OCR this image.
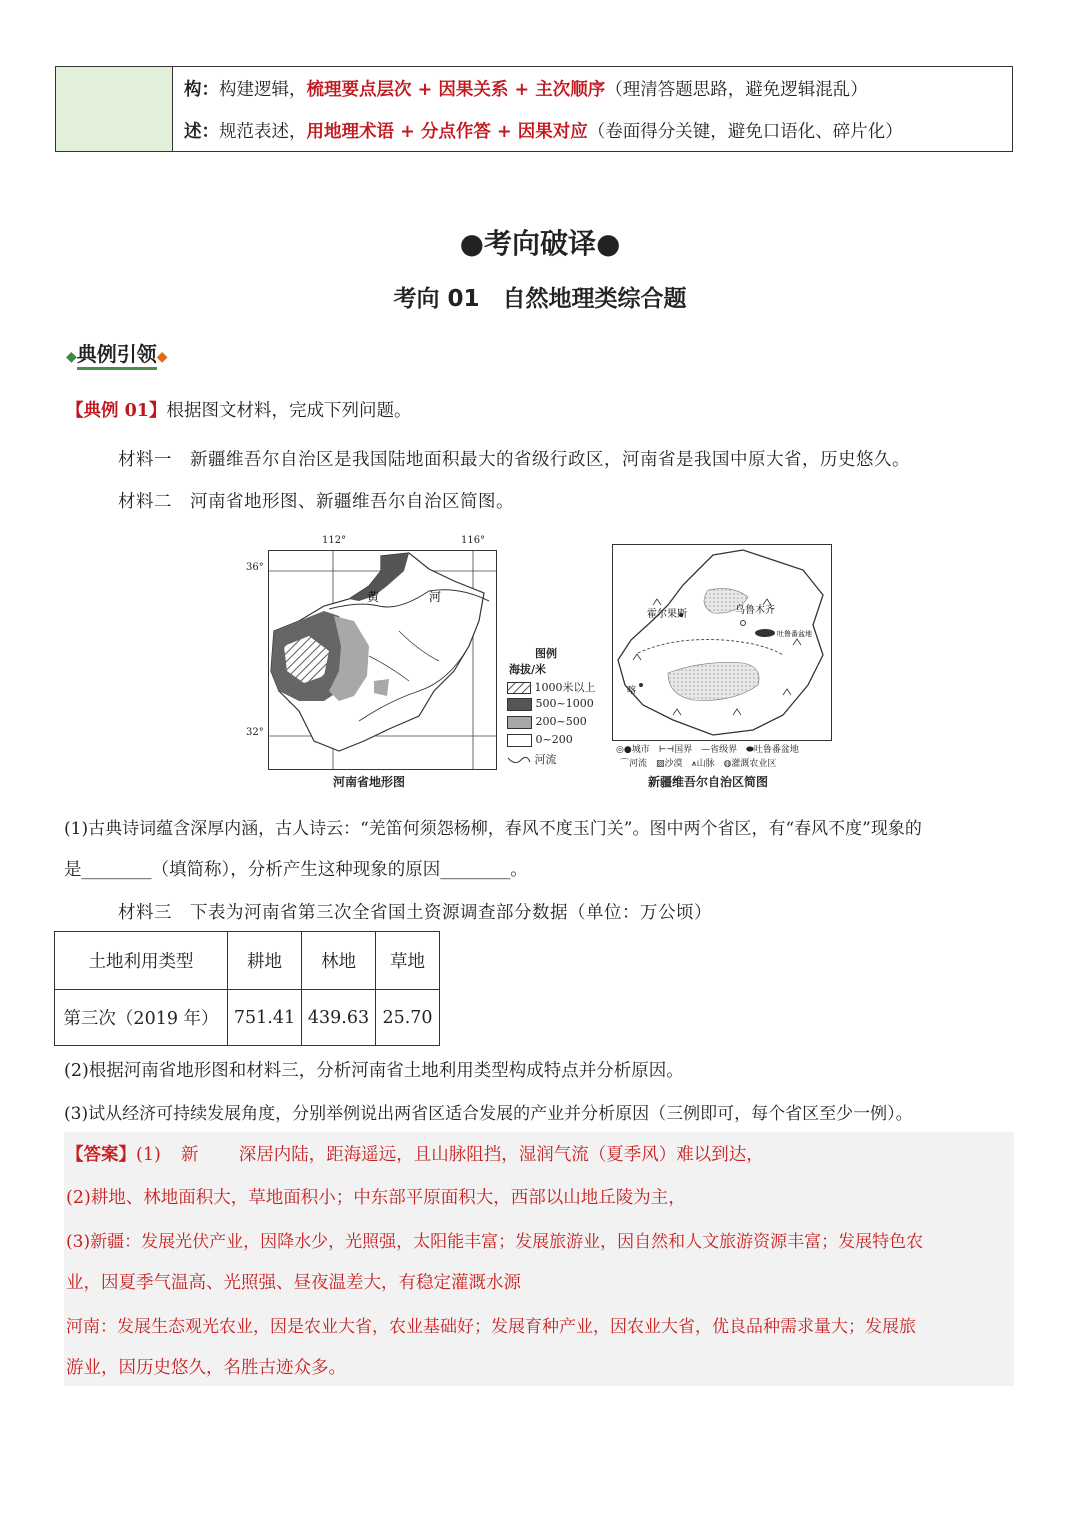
构：构建逻辑，梳理要点层次 + 因果关系 + 主次顺序（理清答题思路，避免逻辑混乱）
述：规范表述，用地理术语 + 分点作答 + 因果对应（卷面得分关键，避免口语化、碎片化）
●考向破译●
考向 01　自然地理类综合题
◆典例引领◆
【典例 01】根据图文材料，完成下列问题。
材料一　新疆维吾尔自治区是我国陆地面积最大的省级行政区，河南省是我国中原大省，历史悠久。
材料二　河南省地形图、新疆维吾尔自治区简图。
112°	116°
36°
32°
黄	河
河南省地形图
图例
海拔/米
1000米以上
500~1000
200~500
0~200
河流
霍尔果斯	乌鲁木齐
吐鲁番盆地
喀
◎●城市　⊢⊣国界　—省级界　⬬吐鲁番盆地
⌒河流　▨沙漠　⩚山脉　◍灌溉农业区
新疆维吾尔自治区简图
(1)古典诗词蕴含深厚内涵，古人诗云：“羌笛何须怨杨柳，春风不度玉门关”。图中两个省区，有“春风不度”现象的
是________（填简称），分析产生这种现象的原因________。
材料三　下表为河南省第三次全省国土资源调查部分数据（单位：万公顷）
土地利用类型	耕地	林地	草地
第三次（2019 年）	751.41	439.63	25.70
(2)根据河南省地形图和材料三，分析河南省土地利用类型构成特点并分析原因。
(3)试从经济可持续发展角度，分别举例说出两省区适合发展的产业并分析原因（三例即可，每个省区至少一例）。
【答案】(1) 新 深居内陆，距海遥远，且山脉阻挡，湿润气流（夏季风）难以到达，
(2)耕地、林地面积大，草地面积小；中东部平原面积大，西部以山地丘陵为主，
(3)新疆：发展光伏产业，因降水少，光照强，太阳能丰富；发展旅游业，因自然和人文旅游资源丰富；发展特色农
业，因夏季气温高、光照强、昼夜温差大，有稳定灌溉水源
河南：发展生态观光农业，因是农业大省，农业基础好；发展育种产业，因农业大省，优良品种需求量大；发展旅
游业，因历史悠久，名胜古迹众多。
